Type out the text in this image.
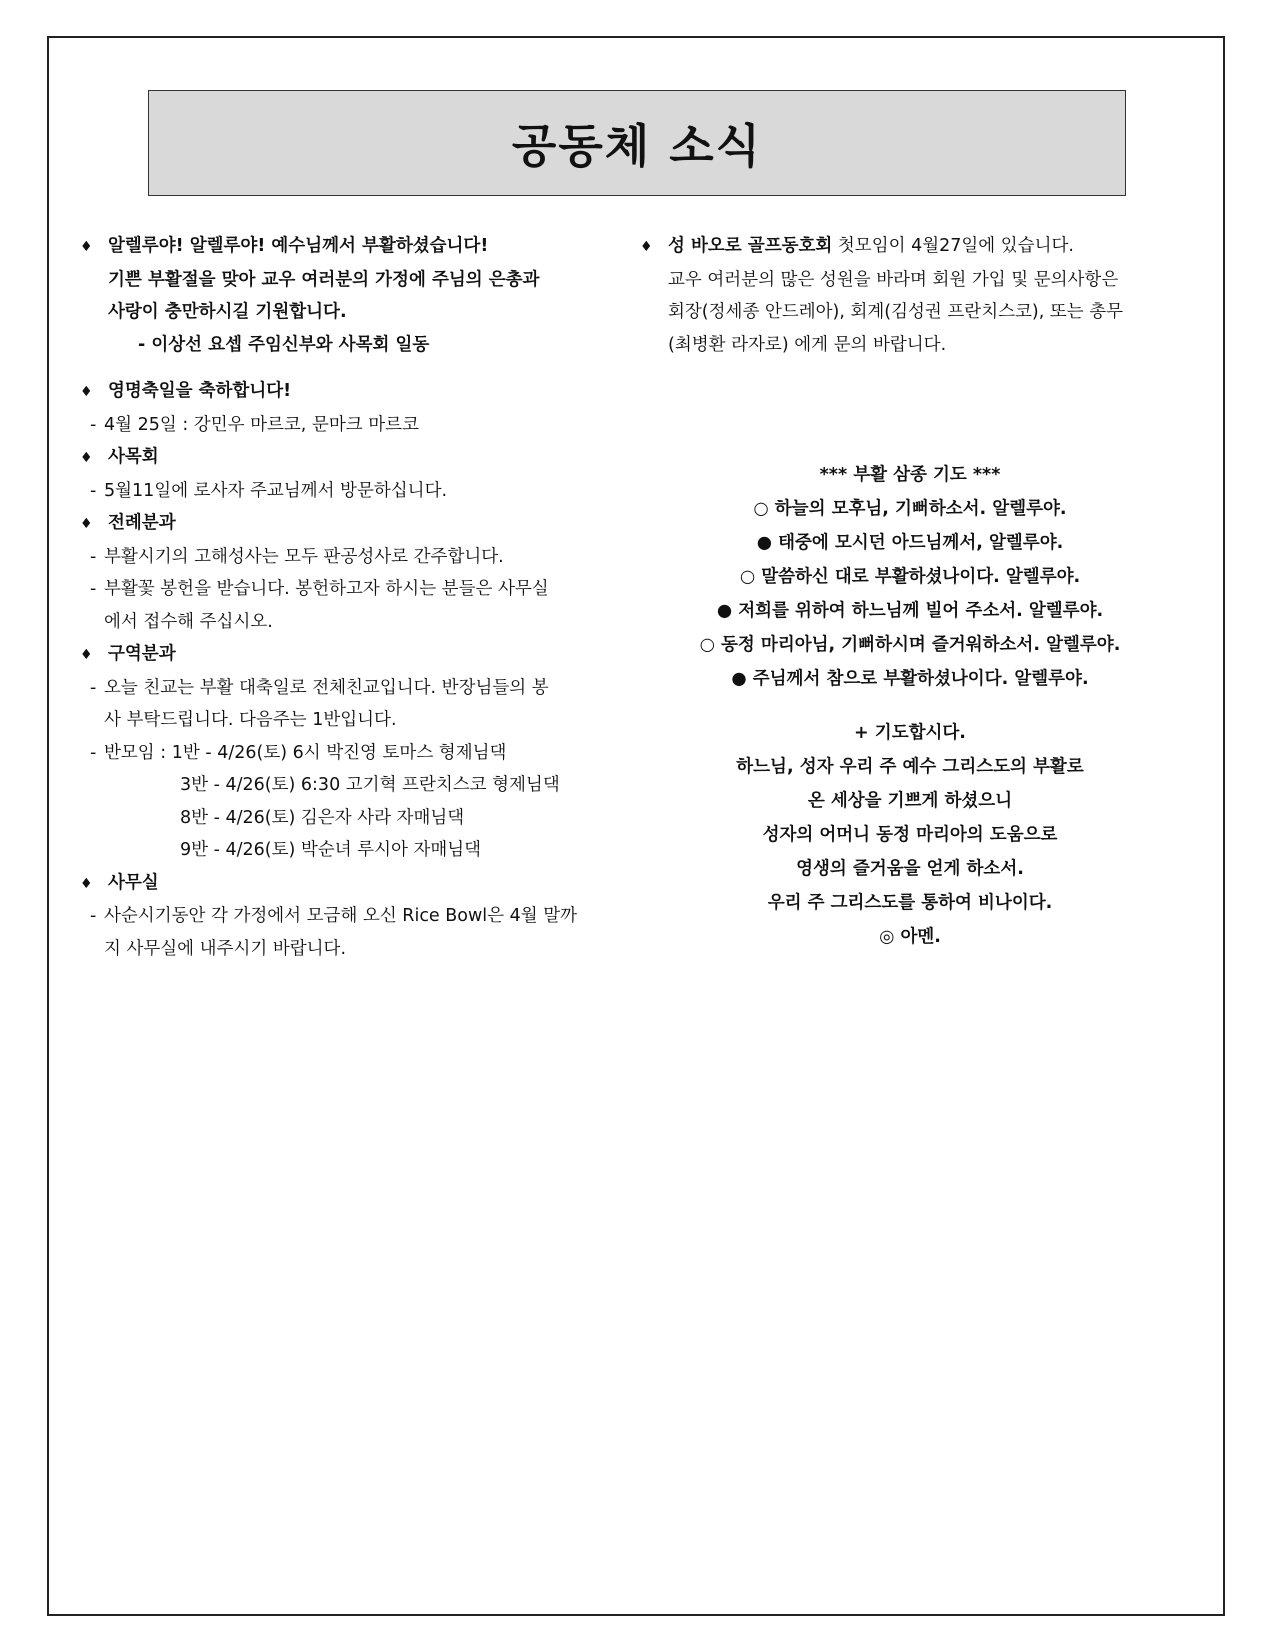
공동체 소식
♦ 알렐루야! 알렐루야! 예수님께서 부활하셨습니다!
기쁜 부활절을 맞아 교우 여러분의 가정에 주님의 은총과
사랑이 충만하시길 기원합니다.
- 이상선 요셉 주임신부와 사목회 일동
♦ 영명축일을 축하합니다!
- 4월 25일 : 강민우 마르코, 문마크 마르코
♦ 사목회
- 5월11일에 로사자 주교님께서 방문하십니다.
♦ 전례분과
- 부활시기의 고해성사는 모두 판공성사로 간주합니다.
- 부활꽃 봉헌을 받습니다. 봉헌하고자 하시는 분들은 사무실
에서 접수해 주십시오.
♦ 구역분과
- 오늘 친교는 부활 대축일로 전체친교입니다. 반장님들의 봉
사 부탁드립니다. 다음주는 1반입니다.
- 반모임 : 1반 - 4/26(토) 6시 박진영 토마스 형제님댁
3반 - 4/26(토) 6:30 고기혁 프란치스코 형제님댁
8반 - 4/26(토) 김은자 사라 자매님댁
9반 - 4/26(토) 박순녀 루시아 자매님댁
♦ 사무실
- 사순시기동안 각 가정에서 모금해 오신 Rice Bowl은 4월 말까
지 사무실에 내주시기 바랍니다.
♦ 성 바오로 골프동호회 첫모임이 4월27일에 있습니다.
교우 여러분의 많은 성원을 바라며 회원 가입 및 문의사항은
회장(정세종 안드레아), 회계(김성권 프란치스코), 또는 총무
(최병환 라자로) 에게 문의 바랍니다.
*** 부활 삼종 기도 ***
○ 하늘의 모후님, 기뻐하소서. 알렐루야.
● 태중에 모시던 아드님께서, 알렐루야.
○ 말씀하신 대로 부활하셨나이다. 알렐루야.
● 저희를 위하여 하느님께 빌어 주소서. 알렐루야.
○ 동정 마리아님, 기뻐하시며 즐거워하소서. 알렐루야.
● 주님께서 참으로 부활하셨나이다. 알렐루야.
+ 기도합시다.
하느님, 성자 우리 주 예수 그리스도의 부활로
온 세상을 기쁘게 하셨으니
성자의 어머니 동정 마리아의 도움으로
영생의 즐거움을 얻게 하소서.
우리 주 그리스도를 통하여 비나이다.
◎ 아멘.
